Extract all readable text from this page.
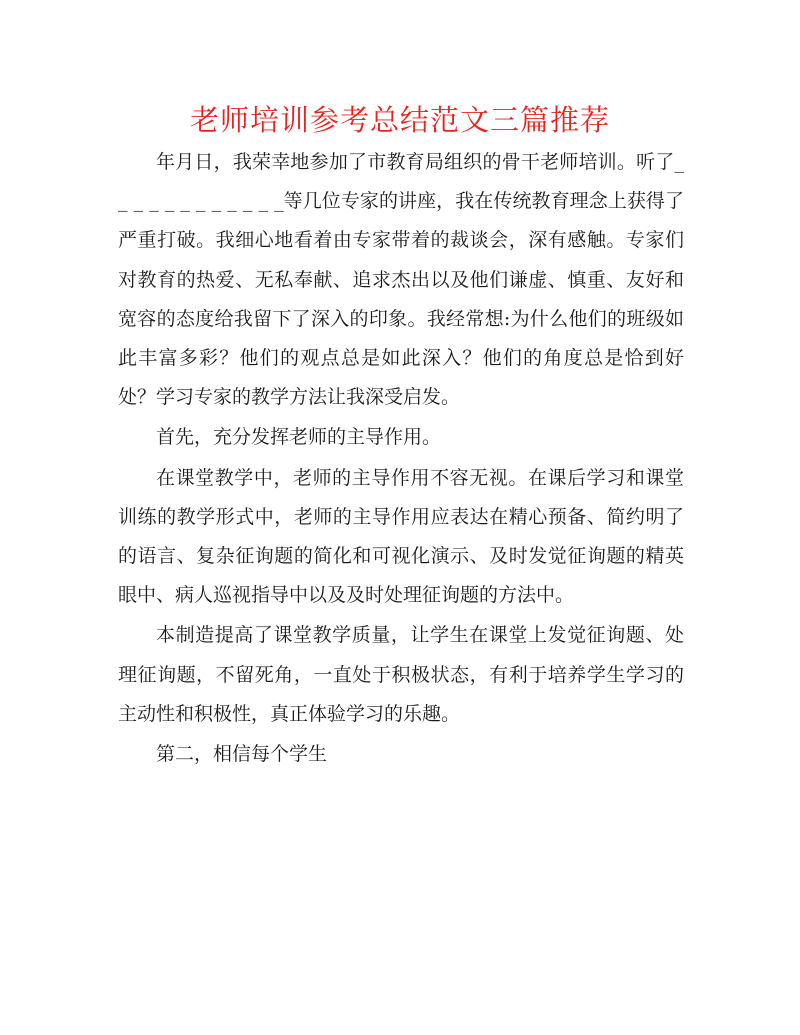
老师培训参考总结范文三篇推荐

年月日，我荣幸地参加了市教育局组织的骨干老师培训。听了_ _ _ _ _ _ _ _ _ _ _ _等几位专家的讲座，我在传统教育理念上获得了严重打破。我细心地看着由专家带着的裁谈会，深有感触。专家们对教育的热爱、无私奉献、追求杰出以及他们谦虚、慎重、友好和宽容的态度给我留下了深入的印象。我经常想:为什么他们的班级如此丰富多彩？他们的观点总是如此深入？他们的角度总是恰到好处？学习专家的教学方法让我深受启发。

首先，充分发挥老师的主导作用。

在课堂教学中，老师的主导作用不容无视。在课后学习和课堂训练的教学形式中，老师的主导作用应表达在精心预备、简约明了的语言、复杂征询题的简化和可视化演示、及时发觉征询题的精英眼中、病人巡视指导中以及及时处理征询题的方法中。

本制造提高了课堂教学质量，让学生在课堂上发觉征询题、处理征询题，不留死角，一直处于积极状态，有利于培养学生学习的主动性和积极性，真正体验学习的乐趣。

第二，相信每个学生
